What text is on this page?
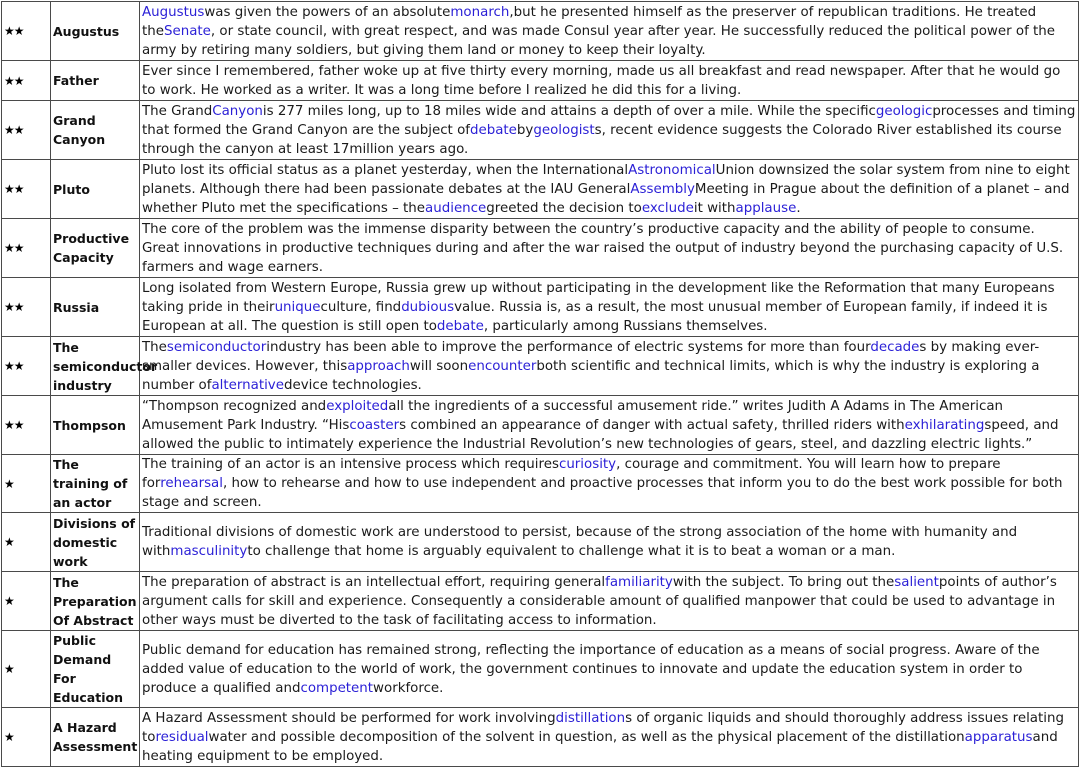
★★	Augustus	Augustuswas given the powers of an absolutemonarch,but he presented himself as the preserver of republican traditions. He treated theSenate, or state council, with great respect, and was made Consul year after year. He successfully reduced the political power of the army by retiring many soldiers, but giving them land or money to keep their loyalty.
★★	Father	Ever since I remembered, father woke up at five thirty every morning, made us all breakfast and read newspaper. After that he would go to work. He worked as a writer. It was a long time before I realized he did this for a living.
★★	Grand Canyon	The GrandCanyonis 277 miles long, up to 18 miles wide and attains a depth of over a mile. While the specificgeologicprocesses and timing that formed the Grand Canyon are the subject ofdebatebygeologists, recent evidence suggests the Colorado River established its course through the canyon at least 17million years ago.
★★	Pluto	Pluto lost its official status as a planet yesterday, when the InternationalAstronomicalUnion downsized the solar system from nine to eight planets. Although there had been passionate debates at the IAU GeneralAssemblyMeeting in Prague about the definition of a planet – and whether Pluto met the specifications – theaudiencegreeted the decision toexcludeit withapplause.
★★	Productive Capacity	The core of the problem was the immense disparity between the country’s productive capacity and the ability of people to consume. Great innovations in productive techniques during and after the war raised the output of industry beyond the purchasing capacity of U.S. farmers and wage earners.
★★	Russia	Long isolated from Western Europe, Russia grew up without participating in the development like the Reformation that many Europeans taking pride in theiruniqueculture, finddubiousvalue. Russia is, as a result, the most unusual member of European family, if indeed it is European at all. The question is still open todebate, particularly among Russians themselves.
★★	The semiconductor industry	Thesemiconductorindustry has been able to improve the performance of electric systems for more than fourdecades by making ever-smaller devices. However, thisapproachwill soonencounterboth scientific and technical limits, which is why the industry is exploring a number ofalternativedevice technologies.
★★	Thompson	“Thompson recognized andexploitedall the ingredients of a successful amusement ride.” writes Judith A Adams in The American Amusement Park Industry. “Hiscoasters combined an appearance of danger with actual safety, thrilled riders withexhilaratingspeed, and allowed the public to intimately experience the Industrial Revolution’s new technologies of gears, steel, and dazzling electric lights.”
★	The training of an actor	The training of an actor is an intensive process which requirescuriosity, courage and commitment. You will learn how to prepare forrehearsal, how to rehearse and how to use independent and proactive processes that inform you to do the best work possible for both stage and screen.
★	Divisions of domestic work	Traditional divisions of domestic work are understood to persist, because of the strong association of the home with humanity and withmasculinityto challenge that home is arguably equivalent to challenge what it is to beat a woman or a man.
★	The Preparation Of Abstract	The preparation of abstract is an intellectual effort, requiring generalfamiliaritywith the subject. To bring out thesalientpoints of author’s argument calls for skill and experience. Consequently a considerable amount of qualified manpower that could be used to advantage in other ways must be diverted to the task of facilitating access to information.
★	Public Demand For Education	Public demand for education has remained strong, reflecting the importance of education as a means of social progress. Aware of the added value of education to the world of work, the government continues to innovate and update the education system in order to produce a qualified andcompetentworkforce.
★	A Hazard Assessment	A Hazard Assessment should be performed for work involvingdistillations of organic liquids and should thoroughly address issues relating toresidualwater and possible decomposition of the solvent in question, as well as the physical placement of the distillationapparatusand heating equipment to be employed.
